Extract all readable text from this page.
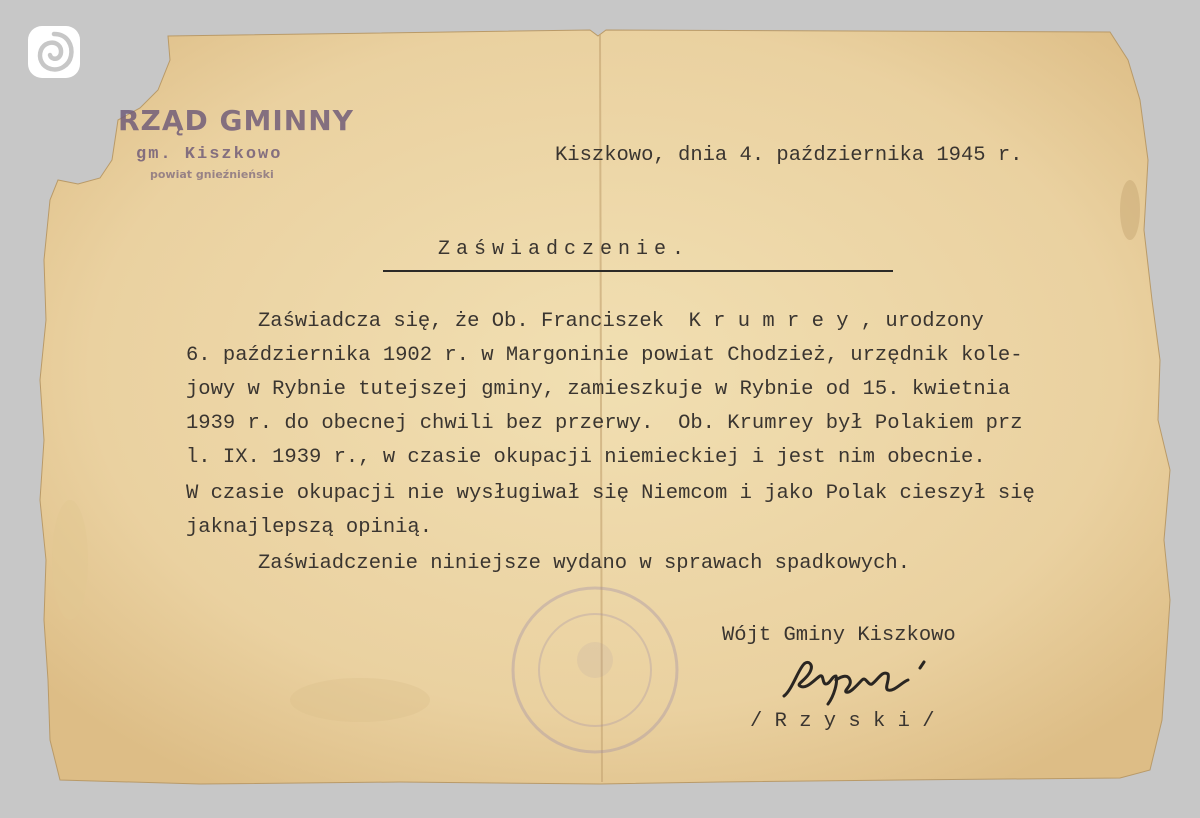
RZĄD GMINNY
gm. Kiszkowo
powiat gnieźnieński
Kiszkowo, dnia 4. października 1945 r.
Zaświadczenie.
Zaświadcza się, że Ob. Franciszek  K r u m r e y , urodzony
6. października 1902 r. w Margoninie powiat Chodzież, urzędnik kole-
jowy w Rybnie tutejszej gminy, zamieszkuje w Rybnie od 15. kwietnia
1939 r. do obecnej chwili bez przerwy.  Ob. Krumrey był Polakiem prz
l. IX. 1939 r., w czasie okupacji niemieckiej i jest nim obecnie.
W czasie okupacji nie wysługiwał się Niemcom i jako Polak cieszył się
jaknajlepszą opinią.
Zaświadczenie niniejsze wydano w sprawach spadkowych.
Wójt Gminy Kiszkowo
/ R z y s k i /
